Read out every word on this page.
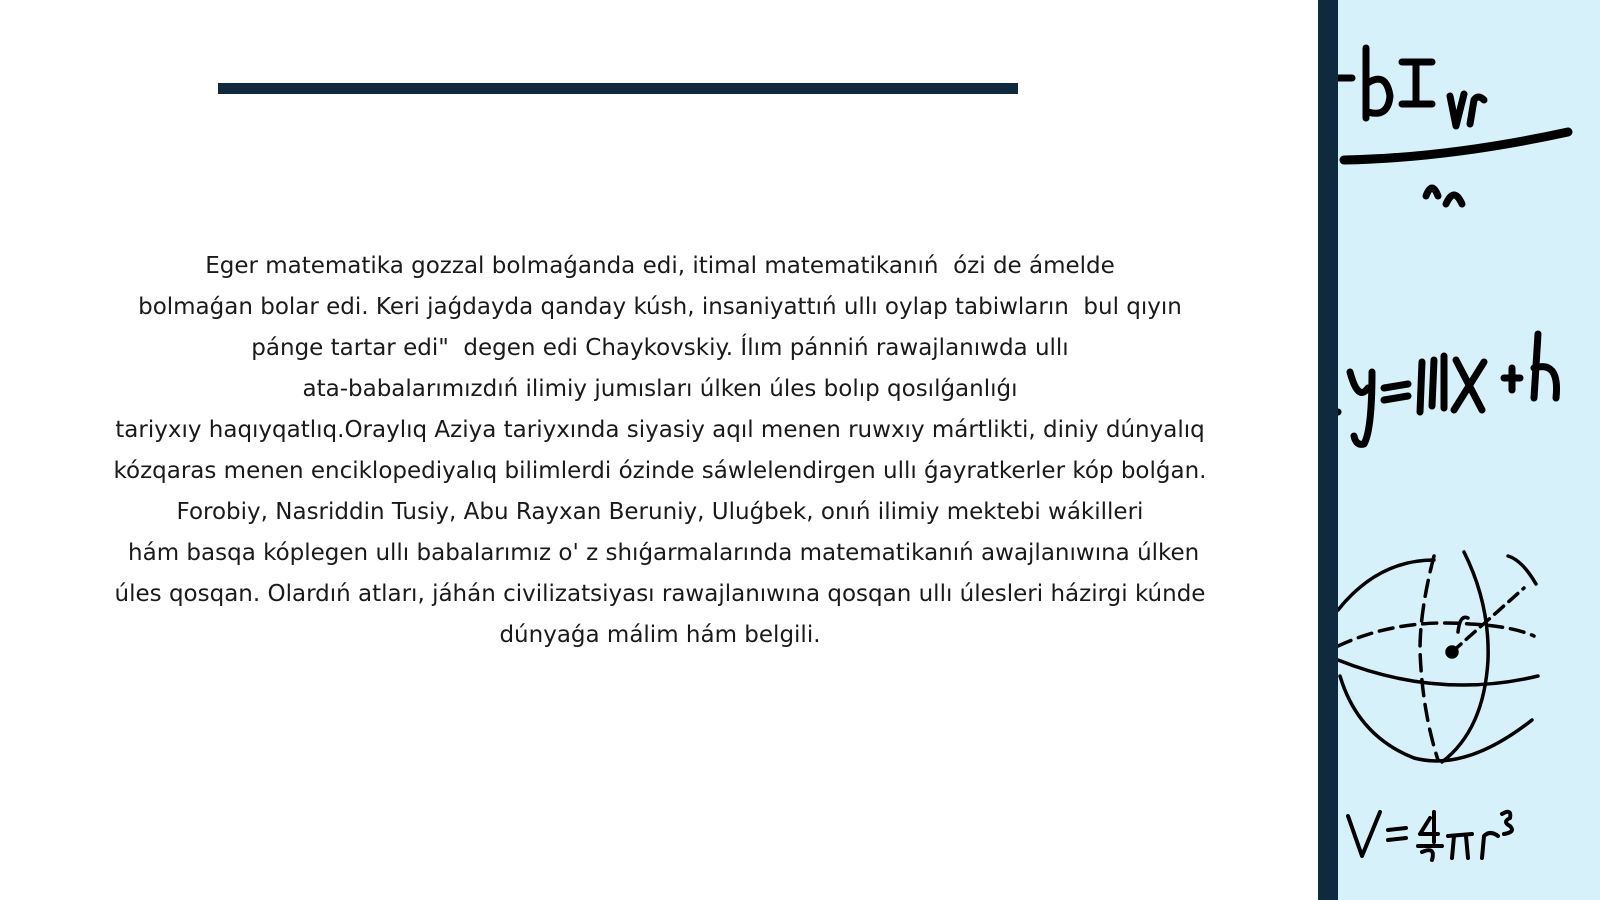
Eger matematika gozzal bolmaǵanda edi, itimal matematikanıń  ózi de ámelde
bolmaǵan bolar edi. Keri jaǵdayda qanday kúsh, insaniyattıń ullı oylap tabiwların  bul qıyın
pánge tartar edi"  degen edi Chaykovskiy. Ílım pánniń rawajlanıwda ullı
ata-babalarımızdıń ilimiy jumısları úlken úles bolıp qosılǵanlıǵı
tariyxıy haqıyqatlıq.Oraylıq Aziya tariyxında siyasiy aqıl menen ruwxıy mártlikti, diniy dúnyalıq
kózqaras menen enciklopediyalıq bilimlerdi ózinde sáwlelendirgen ullı ǵayratkerler kóp bolǵan.
Forobiy, Nasriddin Tusiy, Abu Rayxan Beruniy, Uluǵbek, onıń ilimiy mektebi wákilleri
hám basqa kóplegen ullı babalarımız o' z shıǵarmalarında matematikanıń awajlanıwına úlken
úles qosqan. Olardıń atları, jáhán civilizatsiyası rawajlanıwına qosqan ullı úlesleri házirgi kúnde
dúnyaǵa málim hám belgili.
